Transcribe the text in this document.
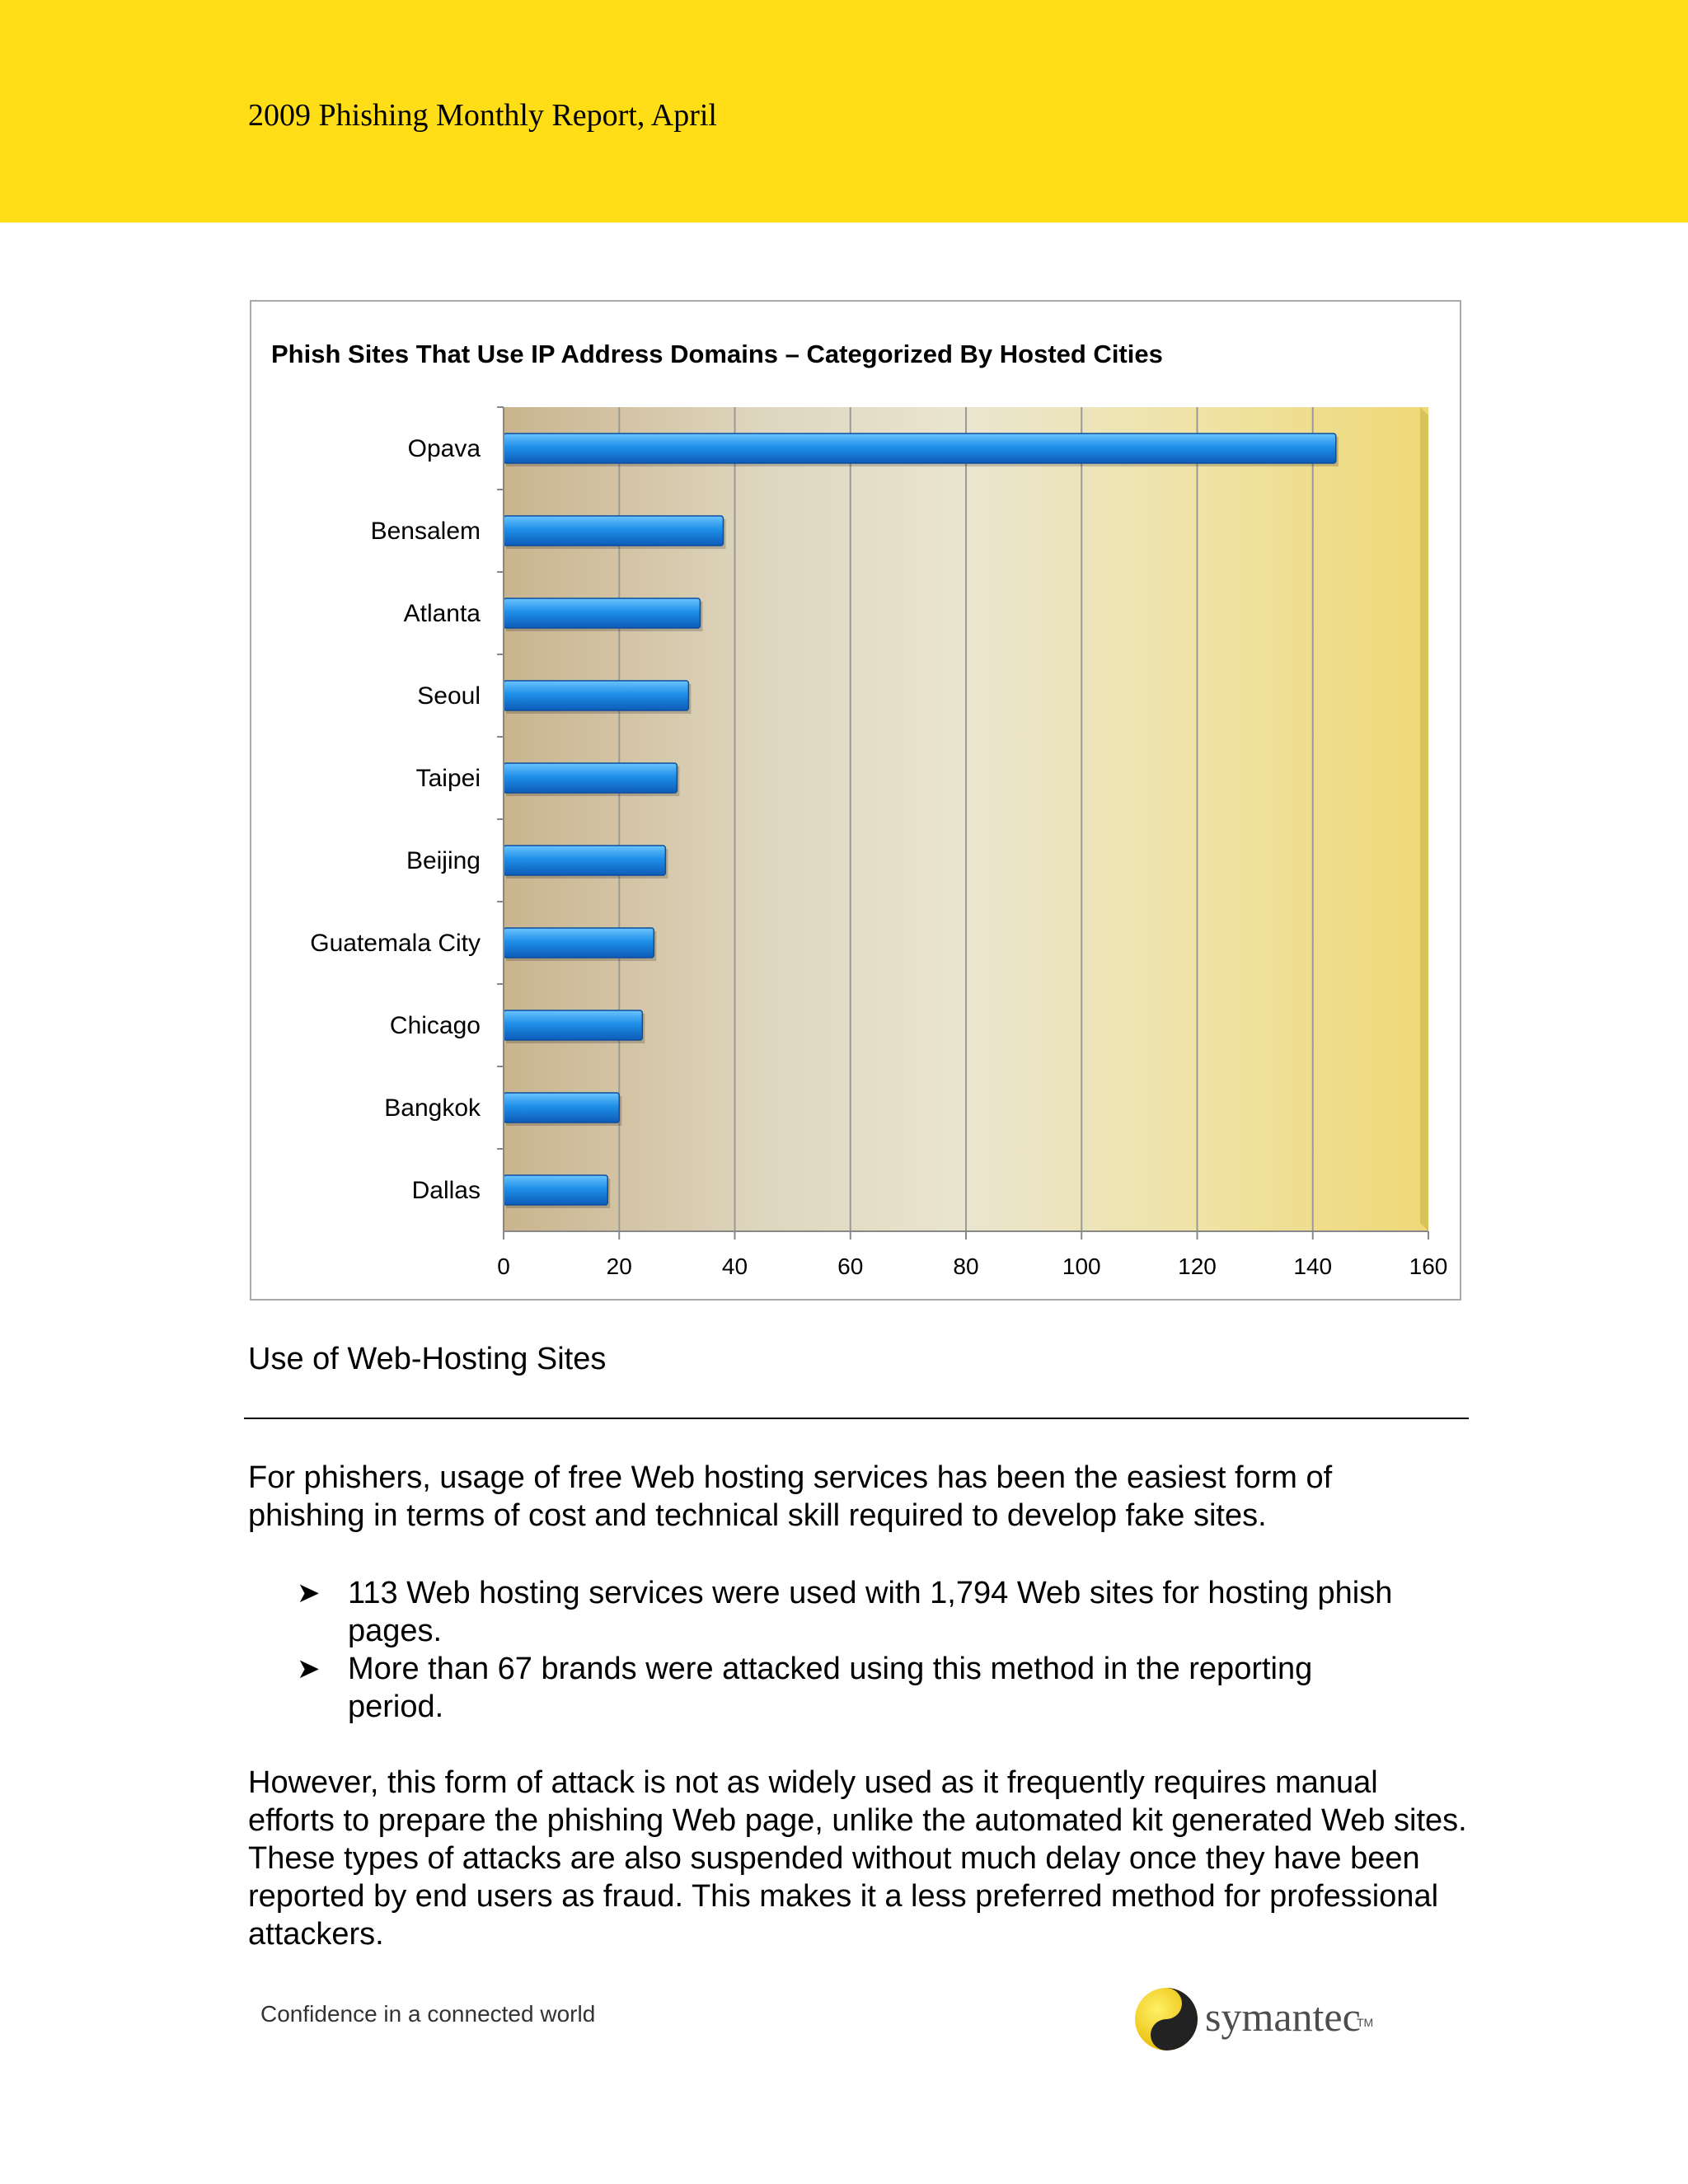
2009 Phishing Monthly Report, April
Phish Sites That Use IP Address Domains – Categorized By Hosted Cities
Opava
Bensalem
Atlanta
Seoul
Taipei
Beijing
Guatemala City
Chicago
Bangkok
Dallas
0	20	40	60	80	100	120	140	160
Use of Web-Hosting Sites

For phishers, usage of free Web hosting services has been the easiest form of
phishing in terms of cost and technical skill required to develop fake sites.

➤ 113 Web hosting services were used with 1,794 Web sites for hosting phish
pages.
➤ More than 67 brands were attacked using this method in the reporting
period.

However, this form of attack is not as widely used as it frequently requires manual
efforts to prepare the phishing Web page, unlike the automated kit generated Web sites.
These types of attacks are also suspended without much delay once they have been
reported by end users as fraud. This makes it a less preferred method for professional
attackers.

Confidence in a connected world	symantec
TM
